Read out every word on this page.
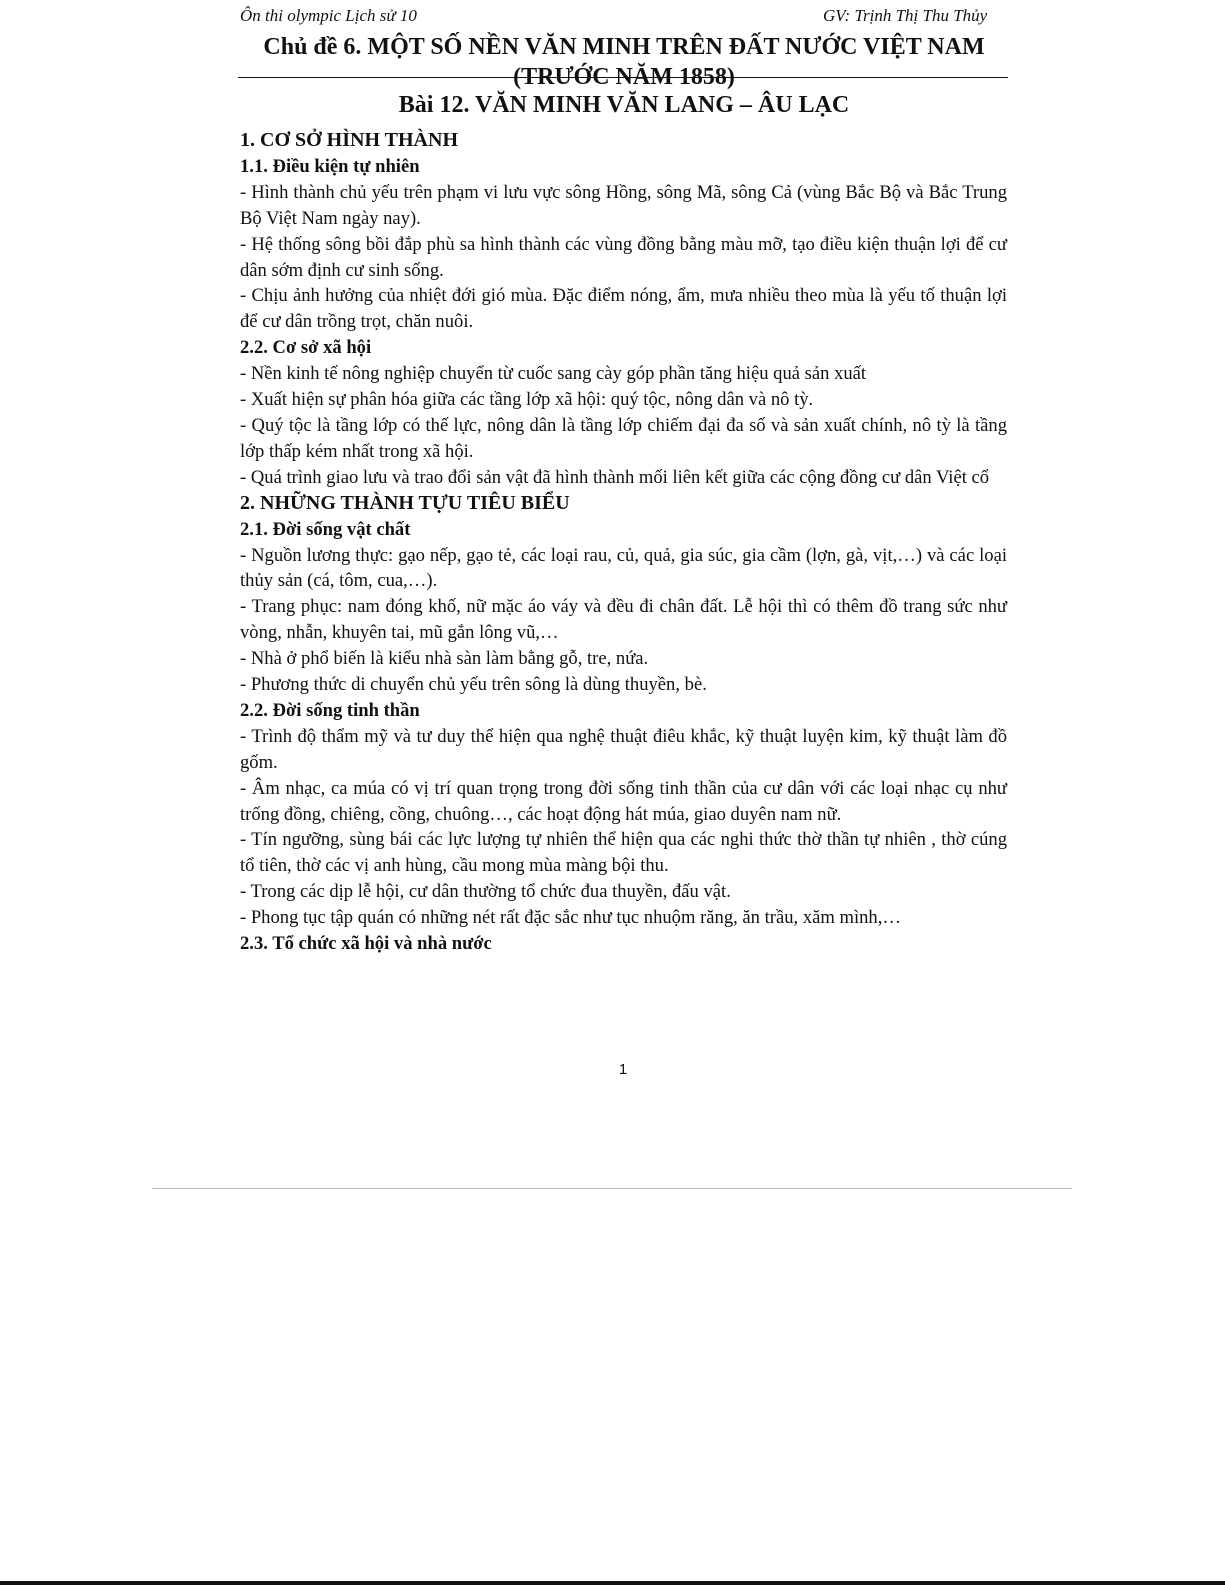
Ôn thi olympic Lịch sử 10	GV: Trịnh Thị Thu Thủy
Chủ đề 6. MỘT SỐ NỀN VĂN MINH TRÊN ĐẤT NƯỚC VIỆT NAM
(TRƯỚC NĂM 1858)
Bài 12. VĂN MINH VĂN LANG – ÂU LẠC
1. CƠ SỞ HÌNH THÀNH
1.1. Điều kiện tự nhiên

- Hình thành chủ yếu trên phạm vi lưu vực sông Hồng, sông Mã, sông Cả (vùng Bắc Bộ và Bắc Trung Bộ Việt Nam ngày nay).

- Hệ thống sông bồi đắp phù sa hình thành các vùng đồng bằng màu mỡ, tạo điều kiện thuận lợi để cư dân sớm định cư sinh sống.

- Chịu ảnh hưởng của nhiệt đới gió mùa. Đặc điểm nóng, ẩm, mưa nhiều theo mùa là yếu tố thuận lợi để cư dân trồng trọt, chăn nuôi.

2.2. Cơ sở xã hội

- Nền kinh tế nông nghiệp chuyển từ cuốc sang cày góp phần tăng hiệu quả sản xuất

- Xuất hiện sự phân hóa giữa các tầng lớp xã hội: quý tộc, nông dân và nô tỳ.

- Quý tộc là tầng lớp có thế lực, nông dân là tầng lớp chiếm đại đa số và sản xuất chính, nô tỳ là tầng lớp thấp kém nhất trong xã hội.

- Quá trình giao lưu và trao đổi sản vật đã hình thành mối liên kết giữa các cộng đồng cư dân Việt cổ

2. NHỮNG THÀNH TỰU TIÊU BIỂU
2.1. Đời sống vật chất

- Nguồn lương thực: gạo nếp, gạo tẻ, các loại rau, củ, quả, gia súc, gia cầm (lợn, gà, vịt,…) và các loại thủy sản (cá, tôm, cua,…).

- Trang phục: nam đóng khố, nữ mặc áo váy và đều đi chân đất. Lễ hội thì có thêm đồ trang sức như vòng, nhẫn, khuyên tai, mũ gắn lông vũ,…

- Nhà ở phổ biến là kiểu nhà sàn làm bằng gỗ, tre, nứa.

- Phương thức di chuyển chủ yếu trên sông là dùng thuyền, bè.

2.2. Đời sống tinh thần

- Trình độ thẩm mỹ và tư duy thể hiện qua nghệ thuật điêu khắc, kỹ thuật luyện kim, kỹ thuật làm đồ gốm.

- Âm nhạc, ca múa có vị trí quan trọng trong đời sống tinh thần của cư dân với các loại nhạc cụ như trống đồng, chiêng, cồng, chuông…, các hoạt động hát múa, giao duyên nam nữ.

- Tín ngưỡng, sùng bái các lực lượng tự nhiên thể hiện qua các nghi thức thờ thần tự nhiên , thờ cúng tổ tiên, thờ các vị anh hùng, cầu mong mùa màng bội thu.

- Trong các dịp lễ hội, cư dân thường tổ chức đua thuyền, đấu vật.

- Phong tục tập quán có những nét rất đặc sắc như tục nhuộm răng, ăn trầu, xăm mình,…

2.3. Tổ chức xã hội và nhà nước
1
